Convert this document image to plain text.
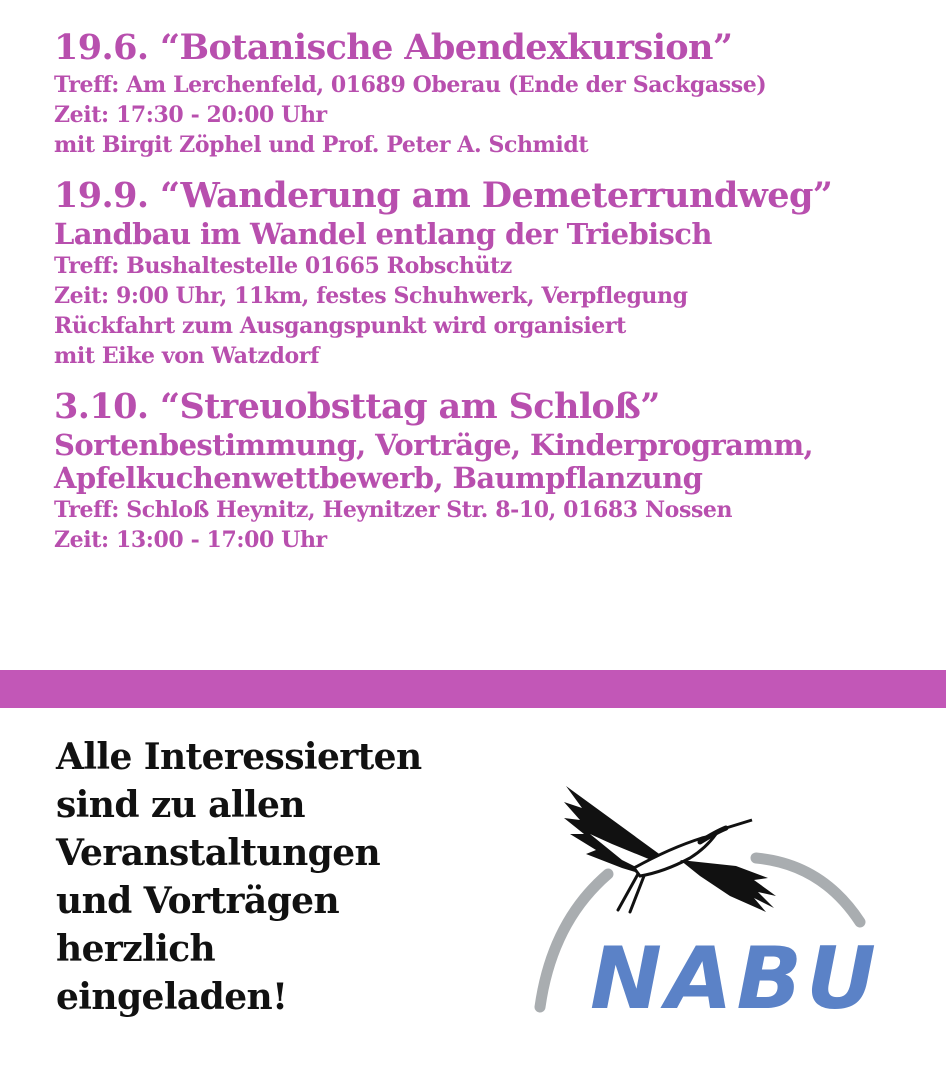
19.6. “Botanische Abendexkursion”
Treff: Am Lerchenfeld, 01689 Oberau (Ende der Sackgasse)
Zeit: 17:30 - 20:00 Uhr
mit Birgit Zöphel und Prof. Peter A. Schmidt
19.9. “Wanderung am Demeterrundweg”
Landbau im Wandel entlang der Triebisch
Treff: Bushaltestelle 01665 Robschütz
Zeit: 9:00 Uhr, 11km, festes Schuhwerk, Verpflegung
Rückfahrt zum Ausgangspunkt wird organisiert
mit Eike von Watzdorf
3.10. “Streuobsttag am Schloß”
Sortenbestimmung, Vorträge, Kinderprogramm,
Apfelkuchenwettbewerb, Baumpflanzung
Treff: Schloß Heynitz, Heynitzer Str. 8-10, 01683 Nossen
Zeit: 13:00 - 17:00 Uhr
Alle Interessierten
sind zu allen
Veranstaltungen
und Vorträgen
herzlich
eingeladen!	NABU
